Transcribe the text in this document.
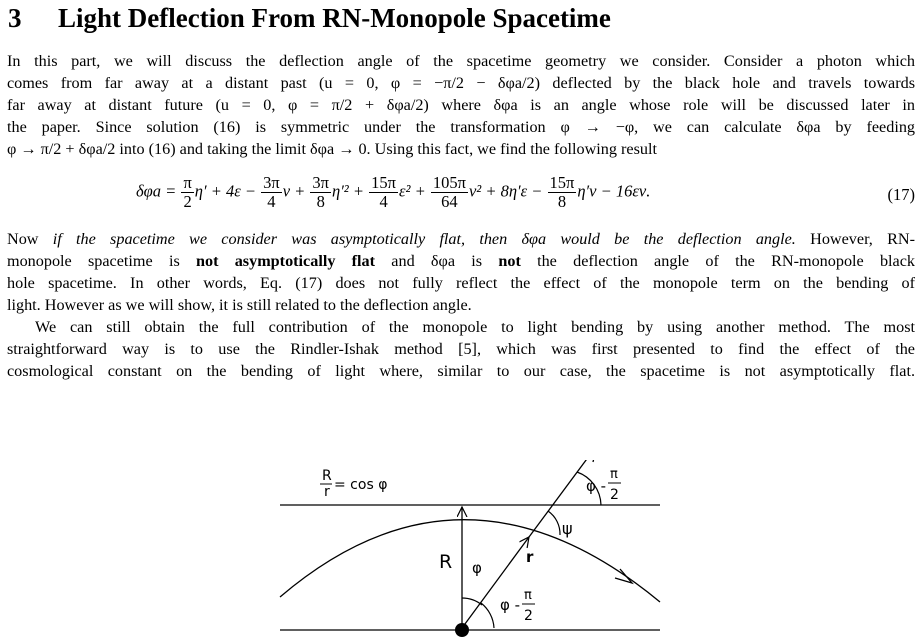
3 Light Deflection From RN-Monopole Spacetime
In this part, we will discuss the deflection angle of the spacetime geometry we consider. Consider a photon which
comes from far away at a distant past (u = 0, φ = −π/2 − δφa/2) deflected by the black hole and travels towards
far away at distant future (u = 0, φ = π/2 + δφa/2) where δφa is an angle whose role will be discussed later in
the paper. Since solution (16) is symmetric under the transformation φ → −φ, we can calculate δφa by feeding
φ → π/2 + δφa/2 into (16) and taking the limit δφa → 0. Using this fact, we find the following result
$\delta\varphi a = \frac{\pi}{2} \eta' + 4\varepsilon - \frac{3\pi}{4}$ $\nu + \frac{3\pi}{8} \eta'^2 + \frac{15\pi}{4} \varepsilon^2 + \frac{105\pi}{64} \nu^2 + 8\eta'\varepsilon - \frac{15\pi}{8} \eta'\nu - 16\varepsilon\nu$.	(17)
Now if the spacetime we consider was asymptotically flat, then δφa would be the deflection angle. However, RN-
monopole spacetime is not asymptotically flat and δφa is not the deflection angle of the RN-monopole black
hole spacetime. In other words, Eq. (17) does not fully reflect the effect of the monopole term on the bending of
light. However as we will show, it is still related to the deflection angle.
We can still obtain the full contribution of the monopole to light bending by using another method. The most
straightforward way is to use the Rindler-Ishak method [5], which was first presented to find the effect of the
cosmological constant on the bending of light where, similar to our case, the spacetime is not asymptotically flat.
R
r = cos φ
R	r
φ
φ -
π
2
ψ
φ -
π
2
